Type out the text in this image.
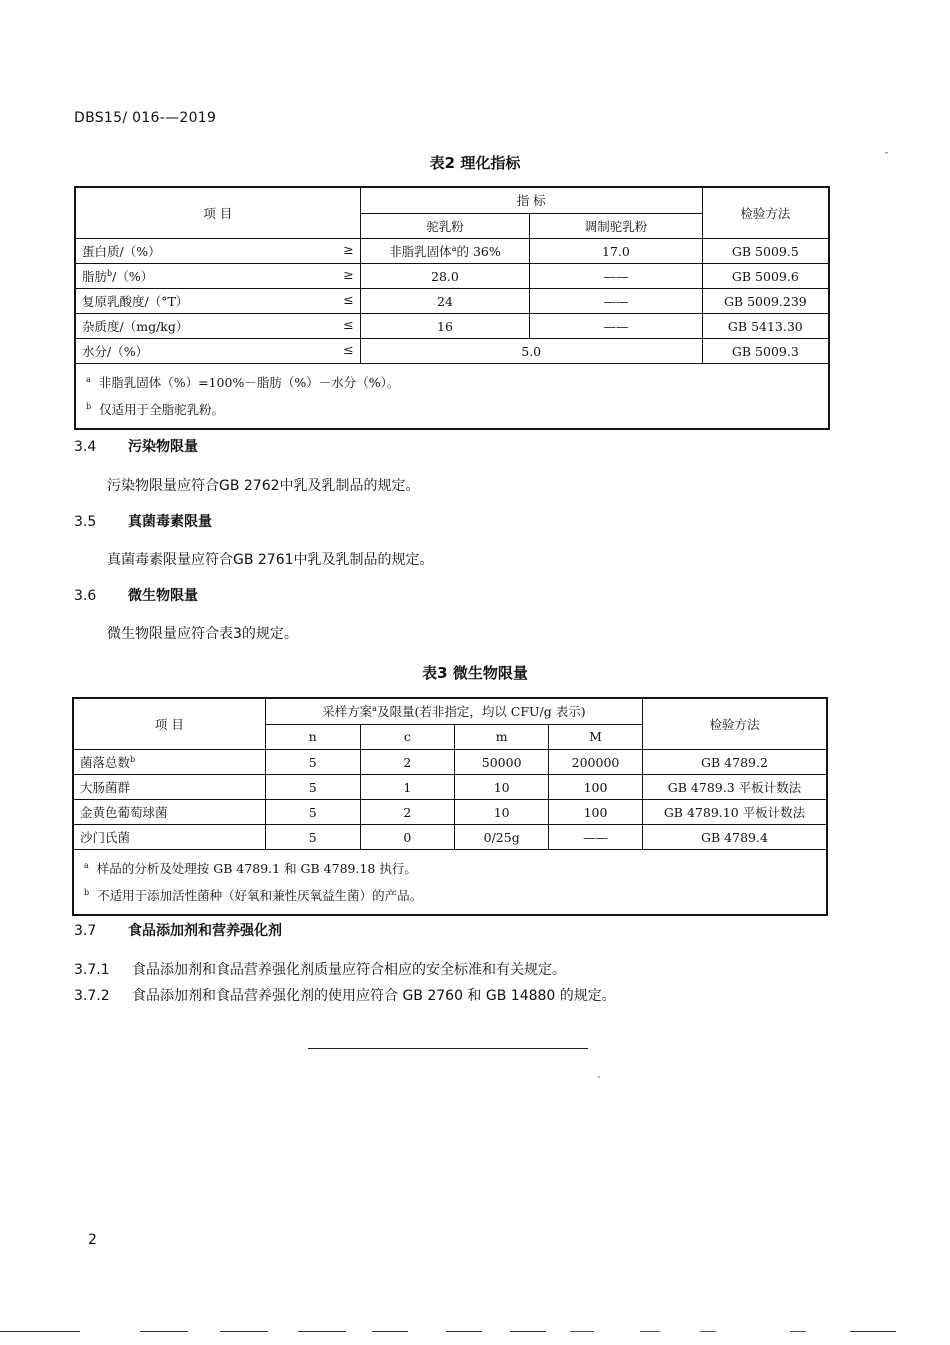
DBS15/ 016-—2019
ˉ
表2 理化指标
项 目	指 标		检验方法
	驼乳粉	调制驼乳粉	
蛋白质/（%） ≥	非脂乳固体$^a$的 36%	17.0	GB 5009.5
脂肪$^b$/（%） ≥	28.0	——	GB 5009.6
复原乳酸度/（°T） ≤	24	——	GB 5009.239
杂质度/（mg/kg） ≤	16	——	GB 5413.30
水分/（%） ≤	5.0		GB 5009.3

$^a$ 非脂乳固体（%）=100%－脂肪（%）－水分（%）。
$^b$ 仅适用于全脂驼乳粉。			
3.4 污染物限量
污染物限量应符合GB 2762中乳及乳制品的规定。
3.5 真菌毒素限量
真菌毒素限量应符合GB 2761中乳及乳制品的规定。
3.6 微生物限量
微生物限量应符合表3的规定。
表3 微生物限量
项 目	采样方案$^a$及限量(若非指定，均以 CFU/g 表示)				检验方法
	n	c	m	M	
菌落总数$^b$	5	2	50000	200000	GB 4789.2
大肠菌群	5	1	10	100	GB 4789.3 平板计数法
金黄色葡萄球菌	5	2	10	100	GB 4789.10 平板计数法
沙门氏菌	5	0	0/25g	——	GB 4789.4

$^a$ 样品的分析及处理按 GB 4789.1 和 GB 4789.18 执行。
$^b$ 不适用于添加活性菌种（好氧和兼性厌氧益生菌）的产品。					
3.7 食品添加剂和营养强化剂
3.7.1 食品添加剂和食品营养强化剂质量应符合相应的安全标准和有关规定。
3.7.2 食品添加剂和食品营养强化剂的使用应符合 GB 2760 和 GB 14880 的规定。
ˊ
2
